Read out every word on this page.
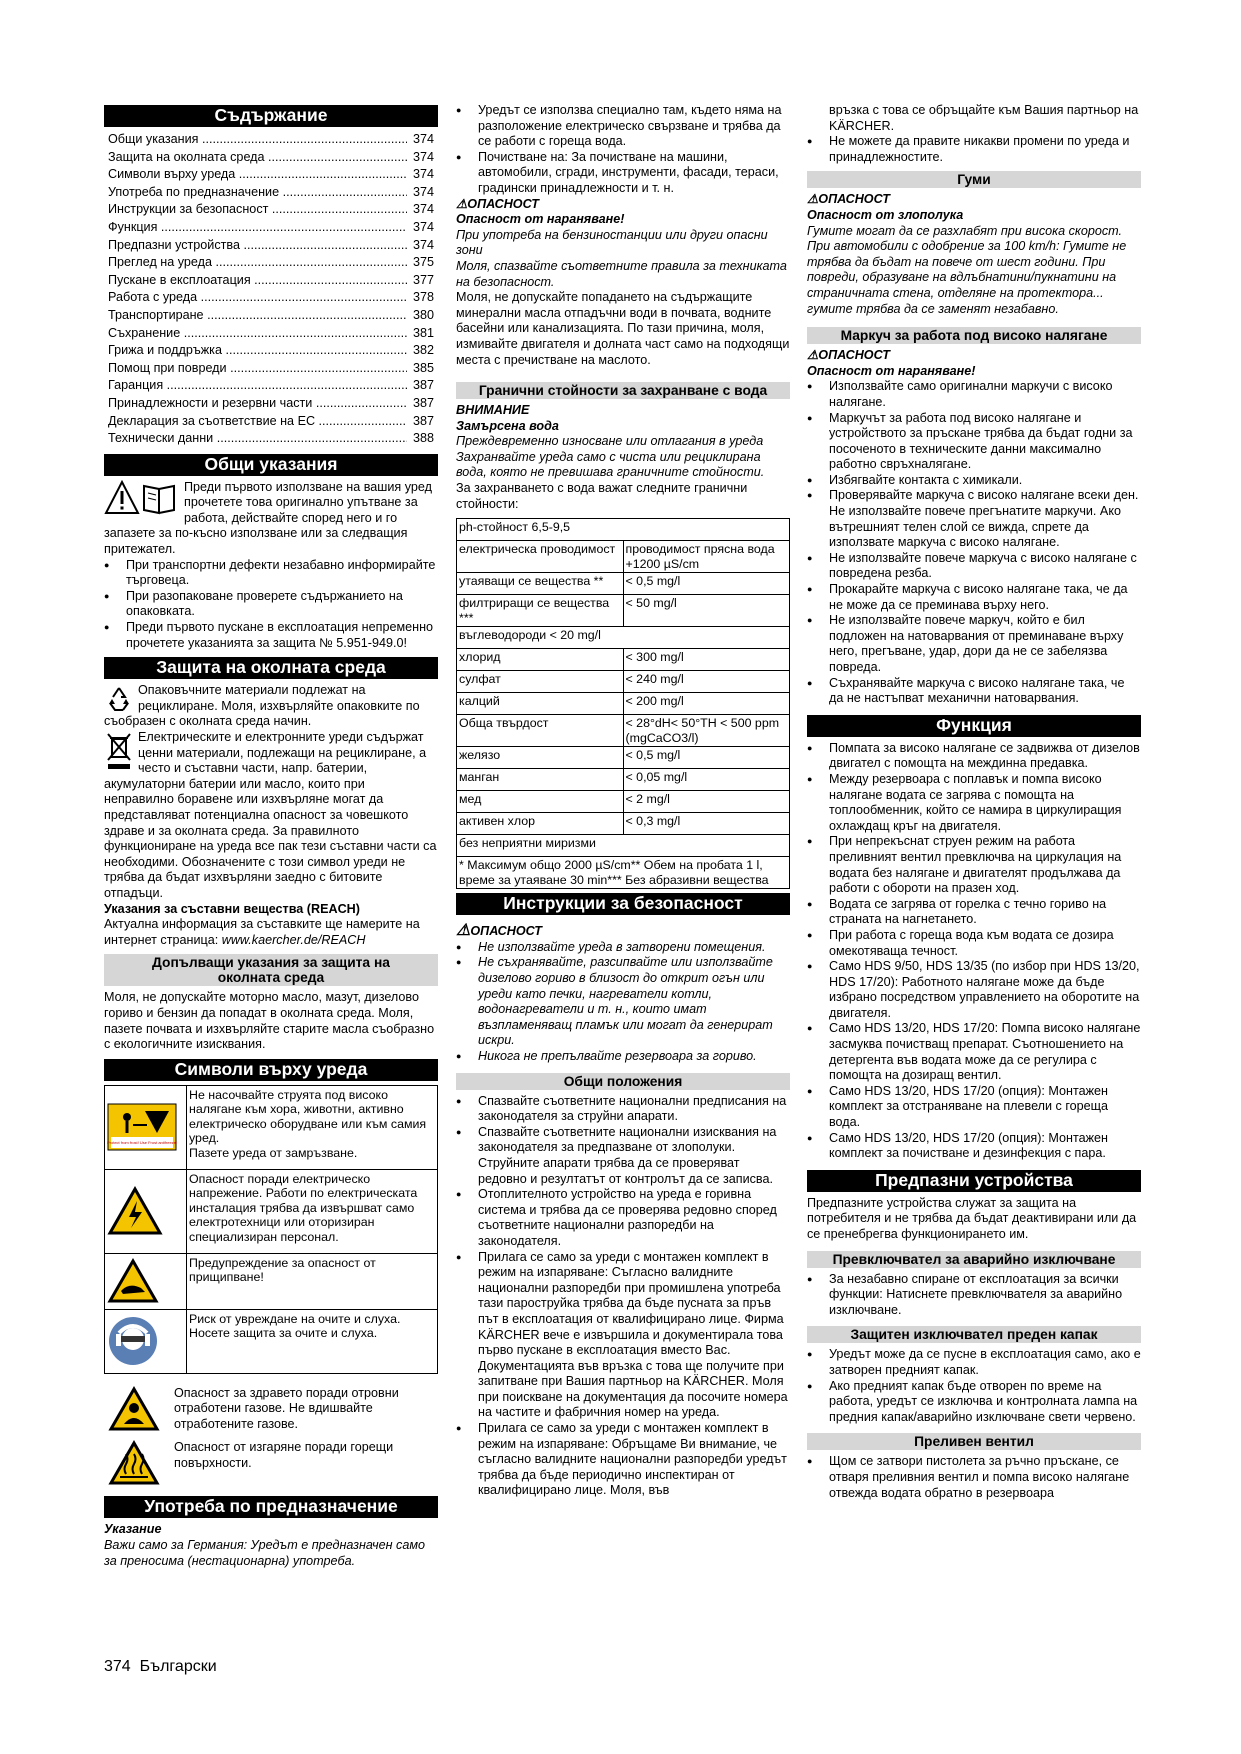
Съдържание
Общи указания .....	374
Защита на околната среда .....	374
Символи върху уреда .....	374
Употреба по предназначение .....	374
Инструкции за безопасност .....	374
Функция .....	374
Предпазни устройства .....	374
Преглед на уреда .....	375
Пускане в експлоатация .....	377
Работа с уреда .....	378
Транспортиране .....	380
Съхранение .....	381
Грижа и поддръжка .....	382
Помощ при повреди .....	385
Гаранция .....	387
Принадлежности и резервни части .....	387
Декларация за съответствие на ЕС .....	387
Технически данни .....	388
Общи указания

Преди първото използване на вашия уред прочетете това оригинално упътване за работа, действайте според него и го запазете за по-късно използване или за следващия притежател.

● При транспортни дефекти незабавно информирайте търговеца.
● При разопаковане проверете съдържанието на опаковката.
● Преди първото пускане в експлоатация непременно прочетете указанията за защита № 5.951-949.0!
Защита на околната среда

Опаковъчните материали подлежат на рециклиране. Моля, изхвърляйте опаковките по съобразен с околната среда начин.

Електрическите и електронните уреди съдържат ценни материали, подлежащи на рециклиране, а често и съставни части, напр. батерии, акумулаторни батерии или масло, които при неправилно боравене или изхвърляне могат да представляват потенциална опасност за човешкото здраве и за околната среда. За правилното функциониране на уреда все пак тези съставни части са необходими. Обозначените с този символ уреди не трябва да бъдат изхвърляни заедно с битовите отпадъци.

Указания за съставни вещества (REACH)

Актуална информация за съставките ще намерите на интернет страница: www.kaercher.de/REACH

Допълващи указания за защита на околната среда

Моля, не допускайте моторно масло, мазут, дизелово гориво и бензин да попадат в околната среда. Моля, пазете почвата и изхвърляйте старите масла съобразно с екологичните изисквания.

Символи върху уреда
Protect from frost! Use Frost antifreeze!	Не насочвайте струята под високо налягане към хора, животни, активно електрическо оборудване или към самия уред.

Пазете уреда от замръзване.

Опасност поради електрическо напрежение. Работи по електрическата инсталация трябва да извършват само електротехници или оторизиран специализиран персонал.

Предупреждение за опасност от прищипване!

Риск от увреждане на очите и слуха. Носете защита за очите и слуха.

Опасност за здравето поради отровни отработени газове. Не вдишвайте отработените газове.

Опасност от изгаряне поради горещи повърхности.

Употреба по предназначение

Указание

Важи само за Германия: Уредът е предназначен само за преносима (нестационарна) употреба.

● Уредът се използва специално там, където няма на разположение електрическо свързване и трябва да се работи с гореща вода.
● Почистване на: За почистване на машини, автомобили, сгради, инструменти, фасади, тераси, градински принадлежности и т. н.

⚠ОПАСНОСТ

Опасност от нараняване!

При употреба на бензиностанции или други опасни зони

Моля, спазвайте съответните правила за техниката на безопасност.

Моля, не допускайте попадането на съдържащите минерални масла отпадъчни води в почвата, водните басейни или канализацията. По тази причина, моля, измивайте двигателя и долната част само на подходящи места с пречистване на маслото.

Гранични стойности за захранване с вода

ВНИМАНИЕ

Замърсена вода

Преждевременно износване или отлагания в уреда Захранвайте уреда само с чиста или рециклирана вода, която не превишава граничните стойности.

За захранването с вода важат следните гранични стойности:

ph-стойност 6,5-9,5	
електрическа проводимост	проводимост прясна вода +1200 µS/cm
утаяващи се вещества **	< 0,5 mg/l
филтриращи се вещества ***	< 50 mg/l
въглеводороди < 20 mg/l	
хлорид	< 300 mg/l
сулфат	< 240 mg/l
калций	< 200 mg/l
Обща твърдост	< 28°dH< 50°TH < 500 ppm (mgCaCO3/l)
желязо	< 0,5 mg/l
манган	< 0,05 mg/l
мед	< 2 mg/l
активен хлор	< 0,3 mg/l
без неприятни миризми	
* Максимум общо 2000 µS/cm** Обем на пробата 1 l, време за утаяване 30 min*** Без абразивни вещества	
Инструкции за безопасност

⚠ОПАСНОСТ

● Не използвайте уреда в затворени помещения.
● Не съхранявайте, разсипвайте или използвайте дизелово гориво в близост до открит огън или уреди като печки, нагреватели котли, водонагреватели и т. н., които имат възпламеняващ пламък или могат да генерират искри.
● Никога не препълвайте резервоара за гориво.
Общи положения
● Спазвайте съответните национални предписания на законодателя за струйни апарати.
● Спазвайте съответните национални изисквания на законодателя за предпазване от злополуки. Струйните апарати трябва да се проверяват редовно и резултатът от контролът да се записва.
● Отоплителното устройство на уреда е горивна система и трябва да се проверява редовно според съответните национални разпоредби на законодателя.
● Прилага се само за уреди с монтажен комплект в режим на изпаряване: Съгласно валидните национални разпоредби при промишлена употреба тази пароструйка трябва да бъде пусната за пръв път в експлоатация от квалифицирано лице. Фирма KÄRCHER вече е извършила и документирала това първо пускане в експлоатация вместо Вас. Документацията във връзка с това ще получите при запитване при Вашия партньор на KÄRCHER. Моля при поискване на документация да посочите номера на частите и фабричния номер на уреда.
● Прилага се само за уреди с монтажен комплект в режим на изпаряване: Обръщаме Ви внимание, че съгласно валидните национални разпоредби уредът трябва да бъде периодично инспектиран от квалифицирано лице. Моля, във

връзка с това се обръщайте към Вашия партньор на KÄRCHER.

● Не можете да правите никакви промени по уреда и принадлежностите.
Гуми

⚠ОПАСНОСТ

Опасност от злополука

Гумите могат да се разхлабят при висока скорост. При автомобили с одобрение за 100 km/h: Гумите не трябва да бъдат на повече от шест години. При повреди, образуване на вдлъбнатини/пукнатини на страничната стена, отделяне на протектора... гумите трябва да се заменят незабавно.

Маркуч за работа под високо налягане

⚠ОПАСНОСТ

Опасност от нараняване!

● Използвайте само оригинални маркучи с високо налягане.
● Маркучът за работа под високо налягане и устройството за пръскане трябва да бъдат годни за посоченото в техническите данни максимално работно свръхналягане.
● Избягвайте контакта с химикали.
● Проверявайте маркуча с високо налягане всеки ден. Не използвайте повече прегънатите маркучи. Ако вътрешният телен слой се вижда, спрете да използвате маркуча с високо налягане.
● Не използвайте повече маркуча с високо налягане с повредена резба.
● Прокарайте маркуча с високо налягане така, че да не може да се преминава върху него.
● Не използвайте повече маркуч, който е бил подложен на натоварвания от преминаване върху него, прегъване, удар, дори да не се забелязва повреда.
● Съхранявайте маркуча с високо налягане така, че да не настъпват механични натоварвания.
Функция
● Помпата за високо налягане се задвижва от дизелов двигател с помощта на междинна предавка.
● Между резервоара с поплавък и помпа високо налягане водата се загрява с помощта на топлообменник, който се намира в циркулиращия охлаждащ кръг на двигателя.
● При непрекъснат струен режим на работа преливният вентил превключва на циркулация на водата без налягане и двигателят продължава да работи с обороти на празен ход.
● Водата се загрява от горелка с течно гориво на страната на нагнетането.
● При работа с гореща вода към водата се дозира омекотяваща течност.
● Само HDS 9/50, HDS 13/35 (по избор при HDS 13/20, HDS 17/20): Работното налягане може да бъде избрано посредством управлението на оборотите на двигателя.
● Само HDS 13/20, HDS 17/20: Помпа високо налягане засмуква почистващ препарат. Съотношението на детергента във водата може да се регулира с помощта на дозиращ вентил.
● Само HDS 13/20, HDS 17/20 (опция): Монтажен комплект за отстраняване на плевели с гореща вода.
● Само HDS 13/20, HDS 17/20 (опция): Монтажен комплект за почистване и дезинфекция с пара.
Предпазни устройства

Предпазните устройства служат за защита на потребителя и не трябва да бъдат деактивирани или да се пренебрегва функционирането им.

Превключвател за аварийно изключване
● За незабавно спиране от експлоатация за всички функции: Натиснете превключвателя за аварийно изключване.
Защитен изключвател преден капак
● Уредът може да се пусне в експлоатация само, ако е затворен предният капак.
● Ако предният капак бъде отворен по време на работа, уредът се изключва и контролната лампа на предния капак/аварийно изключване свети червено.
Преливен вентил
● Щом се затвори пистолета за ръчно пръскане, се отваря преливния вентил и помпа високо налягане отвежда водата обратно в резервоара
374 Български
